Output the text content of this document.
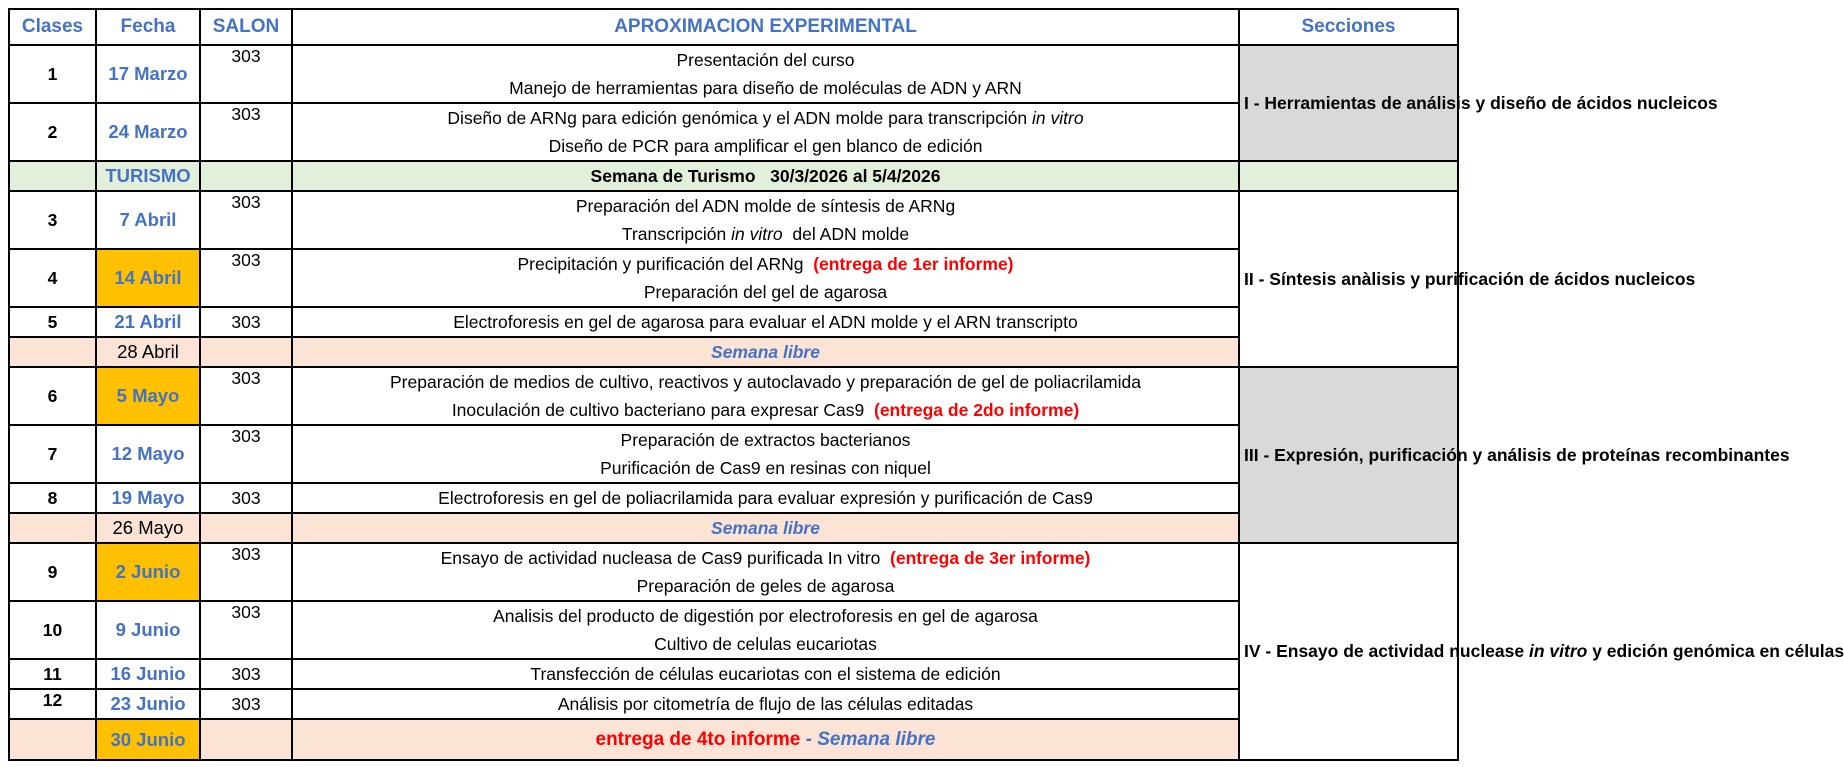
Clases	Fecha	SALON	APROXIMACION EXPERIMENTAL	Secciones
1	17 Marzo	303	Presentación del curso
Manejo de herramientas para diseño de moléculas de ADN y ARN	I - Herramientas de análisis y diseño de ácidos nucleicos
2	24 Marzo	303	Diseño de ARNg para edición genómica y el ADN molde para transcripción in vitro
Diseño de PCR para amplificar el gen blanco de edición	

	TURISMO		Semana de Turismo   30/3/2026 al 5/4/2026	
3	7 Abril	303	Preparación del ADN molde de síntesis de ARNg
Transcripción in vitro  del ADN molde	II - Síntesis anàlisis y purificación de ácidos nucleicos
4	14 Abril	303	Precipitación y purificación del ARNg  (entrega de 1er informe)
Preparación del gel de agarosa	

5	21 Abril	303	Electroforesis en gel de agarosa para evaluar el ADN molde y el ARN transcripto	
	28 Abril		Semana libre	
6	5 Mayo	303	Preparación de medios de cultivo, reactivos y autoclavado y preparación de gel de poliacrilamida
Inoculación de cultivo bacteriano para expresar Cas9  (entrega de 2do informe)	III - Expresión, purificación y análisis de proteínas recombinantes
7	12 Mayo	303	Preparación de extractos bacterianos
Purificación de Cas9 en resinas con niquel	

8	19 Mayo	303	Electroforesis en gel de poliacrilamida para evaluar expresión y purificación de Cas9	
	26 Mayo		Semana libre	
9	2 Junio	303	Ensayo de actividad nucleasa de Cas9 purificada In vitro  (entrega de 3er informe)
Preparación de geles de agarosa	IV - Ensayo de actividad nuclease in vitro y edición genómica en células
10	9 Junio	303	Analisis del producto de digestión por electroforesis en gel de agarosa
Cultivo de celulas eucariotas	

11	16 Junio	303	Transfección de células eucariotas con el sistema de edición	
12	23 Junio	303	Análisis por citometría de flujo de las células editadas	
	30 Junio		entrega de 4to informe - Semana libre	
